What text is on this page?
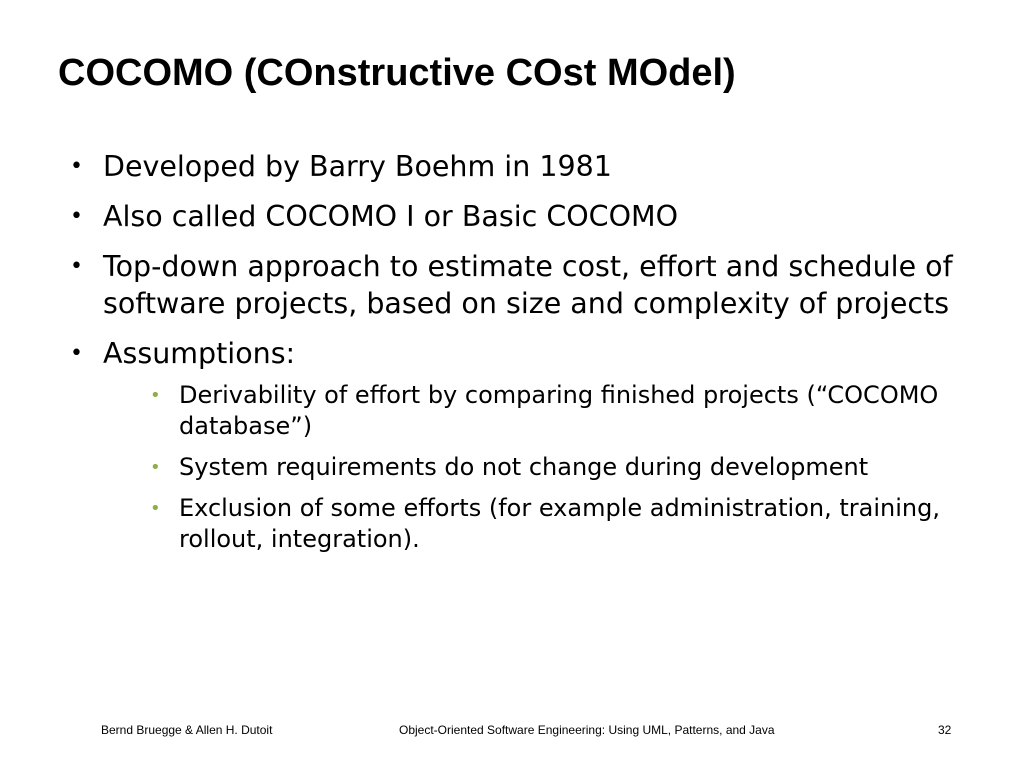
COCOMO (COnstructive COst MOdel)
• Developed by Barry Boehm in 1981
• Also called COCOMO I or Basic COCOMO
• Top-down approach to estimate cost, effort and schedule of software projects, based on size and complexity of projects
• Assumptions:
• Derivability of effort by comparing finished projects (“COCOMO database”)
• System requirements do not change during development
• Exclusion of some efforts (for example administration, training, rollout, integration).
Bernd Bruegge & Allen H. Dutoit	Object-Oriented Software Engineering: Using UML, Patterns, and Java	32
